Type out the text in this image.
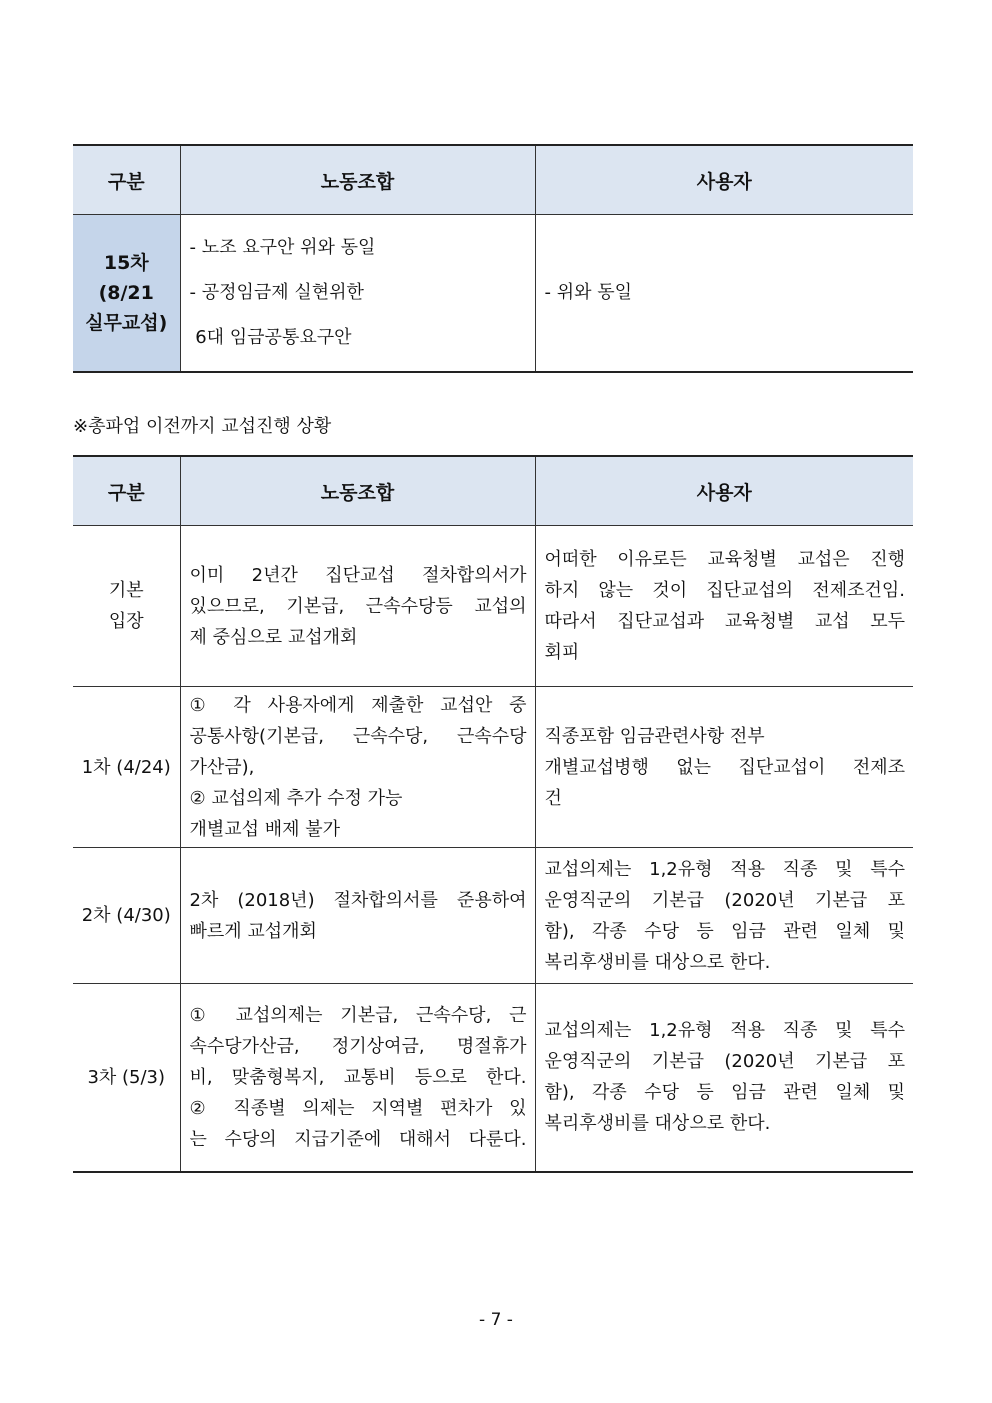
구분	노동조합	사용자

15차
(8/21
실무교섭)	- 노조 요구안 위와 동일
- 공정임금제 실현위한
6대 임금공통요구안	- 위와 동일
※총파업 이전까지 교섭진행 상황
구분	노동조합	사용자

기본
입장	이미 2년간 집단교섭 절차합의서가
있으므로, 기본급, 근속수당등 교섭의
제 중심으로 교섭개회	어떠한 이유로든 교육청별 교섭은 진행
하지 않는 것이 집단교섭의 전제조건임.
따라서 집단교섭과 교육청별 교섭 모두
회피

1차 (4/24)	① 각 사용자에게 제출한 교섭안 중
공통사항(기본급, 근속수당, 근속수당
가산금),
② 교섭의제 추가 수정 가능
개별교섭 배제 불가	직종포함 임금관련사항 전부
개별교섭병행 없는 집단교섭이 전제조
건

2차 (4/30)	2차 (2018년) 절차합의서를 준용하여
빠르게 교섭개회	교섭의제는 1,2유형 적용 직종 및 특수
운영직군의 기본급 (2020년 기본급 포
함), 각종 수당 등 임금 관련 일체 및
복리후생비를 대상으로 한다.

3차 (5/3)	① 교섭의제는 기본급, 근속수당, 근
속수당가산금, 정기상여금, 명절휴가
비, 맞춤형복지, 교통비 등으로 한다.
② 직종별 의제는 지역별 편차가 있
는 수당의 지급기준에 대해서 다룬다.	교섭의제는 1,2유형 적용 직종 및 특수
운영직군의 기본급 (2020년 기본급 포
함), 각종 수당 등 임금 관련 일체 및
복리후생비를 대상으로 한다.
- 7 -
